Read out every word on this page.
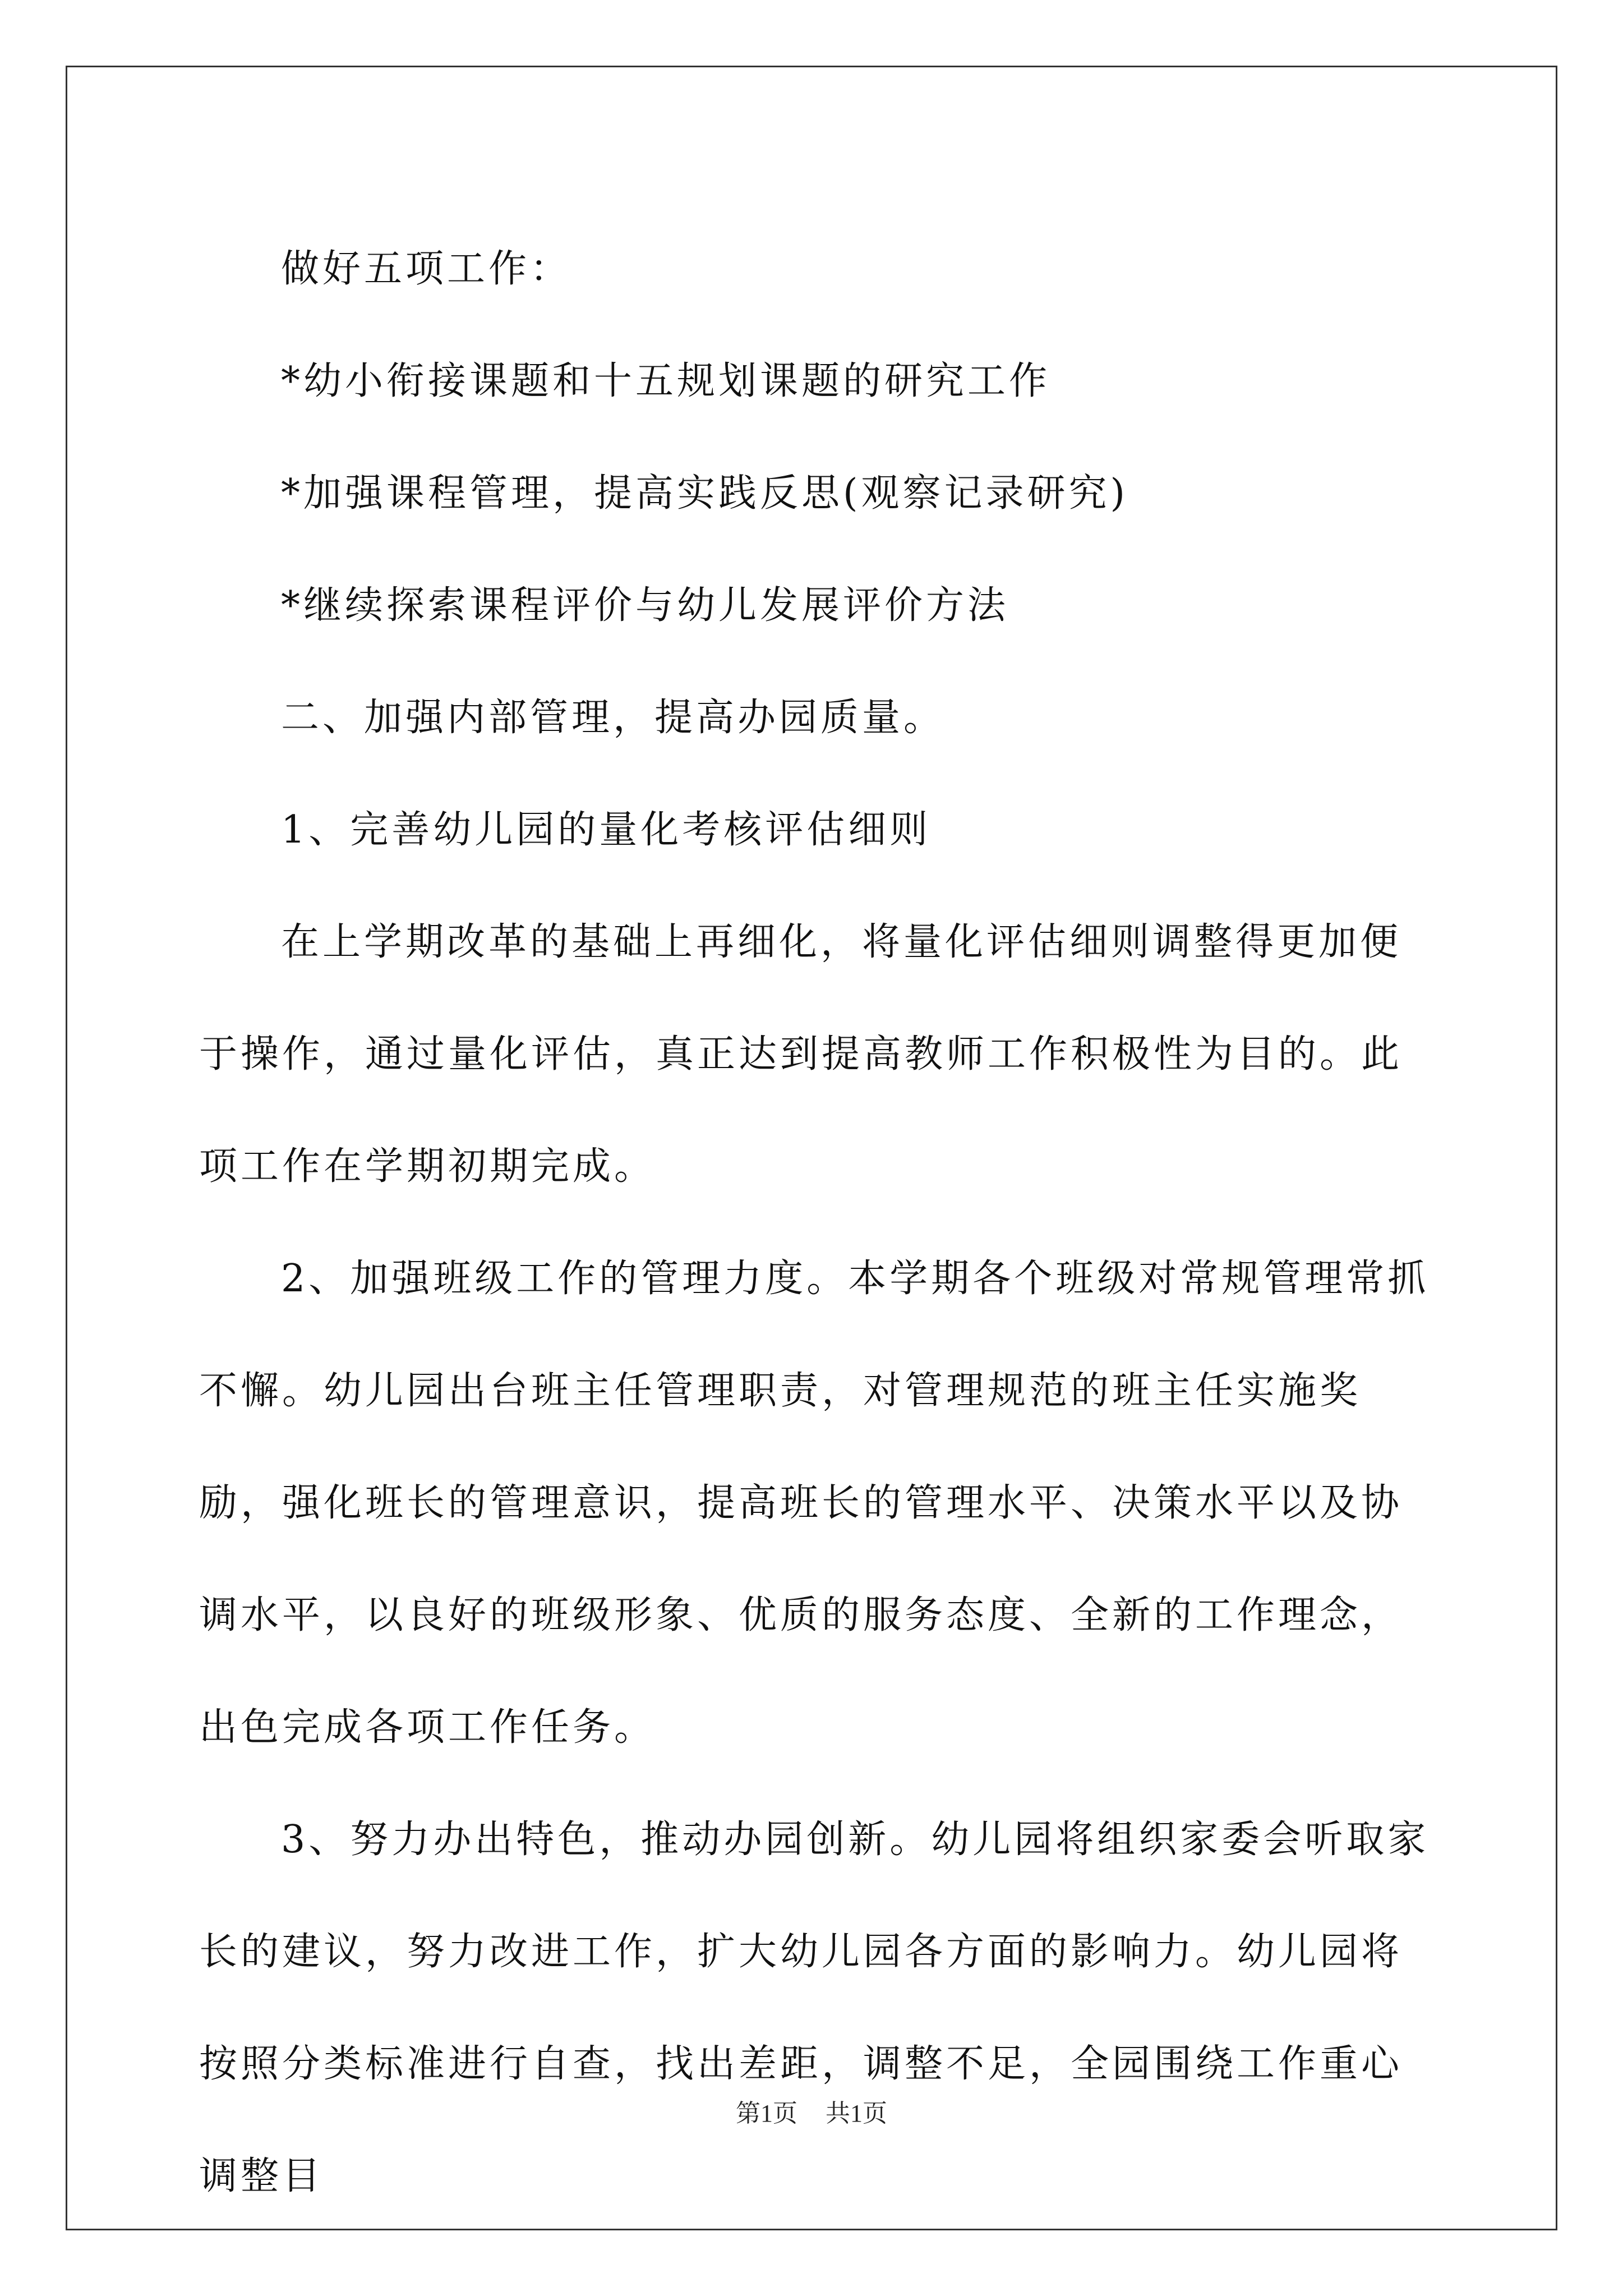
做好五项工作：

*幼小衔接课题和十五规划课题的研究工作

*加强课程管理，提高实践反思(观察记录研究)

*继续探索课程评价与幼儿发展评价方法

二、加强内部管理，提高办园质量。

1、完善幼儿园的量化考核评估细则

在上学期改革的基础上再细化，将量化评估细则调整得更加便于操作，通过量化评估，真正达到提高教师工作积极性为目的。此项工作在学期初期完成。

2、加强班级工作的管理力度。本学期各个班级对常规管理常抓不懈。幼儿园出台班主任管理职责，对管理规范的班主任实施奖励，强化班长的管理意识，提高班长的管理水平、决策水平以及协调水平，以良好的班级形象、优质的服务态度、全新的工作理念，出色完成各项工作任务。

3、努力办出特色，推动办园创新。幼儿园将组织家委会听取家长的建议，努力改进工作，扩大幼儿园各方面的影响力。幼儿园将按照分类标准进行自查，找出差距，调整不足，全园围绕工作重心调整目

第1页 共1页
